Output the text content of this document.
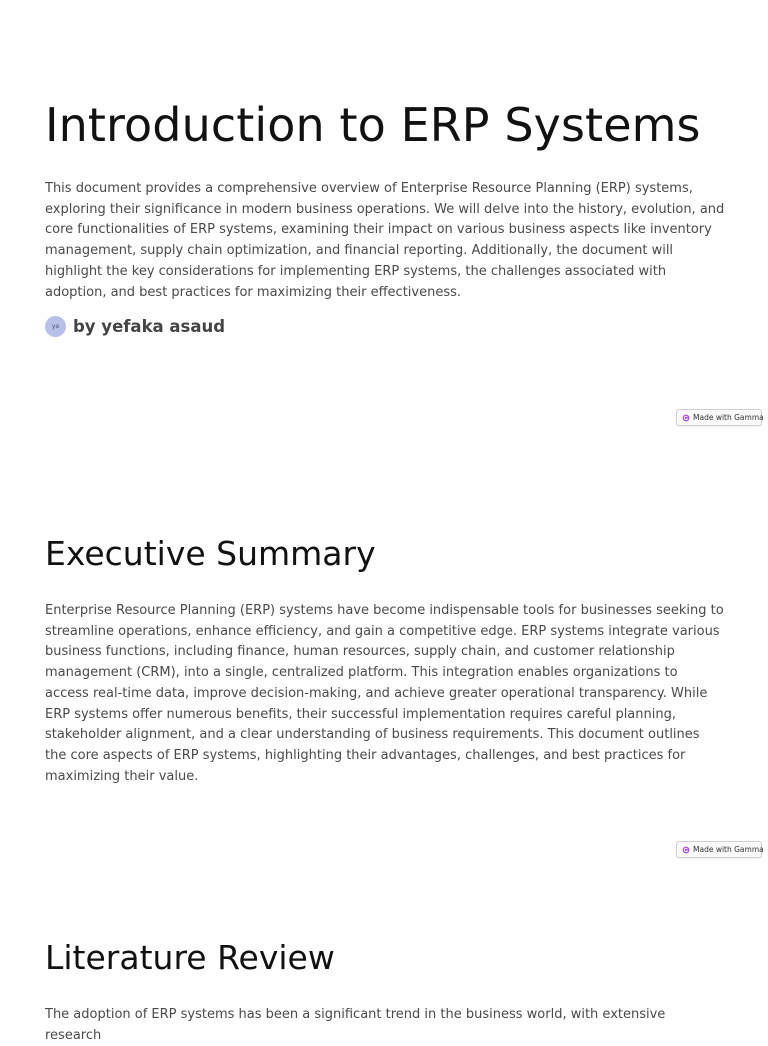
Introduction to ERP Systems

This document provides a comprehensive overview of Enterprise Resource Planning (ERP) systems, exploring their significance in modern business operations. We will delve into the history, evolution, and core functionalities of ERP systems, examining their impact on various business aspects like inventory management, supply chain optimization, and financial reporting. Additionally, the document will highlight the key considerations for implementing ERP systems, the challenges associated with adoption, and best practices for maximizing their effectiveness.

ya by yefaka asaud
Made with Gamma
Executive Summary

Enterprise Resource Planning (ERP) systems have become indispensable tools for businesses seeking to streamline operations, enhance efficiency, and gain a competitive edge. ERP systems integrate various business functions, including finance, human resources, supply chain, and customer relationship management (CRM), into a single, centralized platform. This integration enables organizations to access real-time data, improve decision-making, and achieve greater operational transparency. While ERP systems offer numerous benefits, their successful implementation requires careful planning, stakeholder alignment, and a clear understanding of business requirements. This document outlines the core aspects of ERP systems, highlighting their advantages, challenges, and best practices for maximizing their value.

Made with Gamma
Literature Review

The adoption of ERP systems has been a significant trend in the business world, with extensive research
